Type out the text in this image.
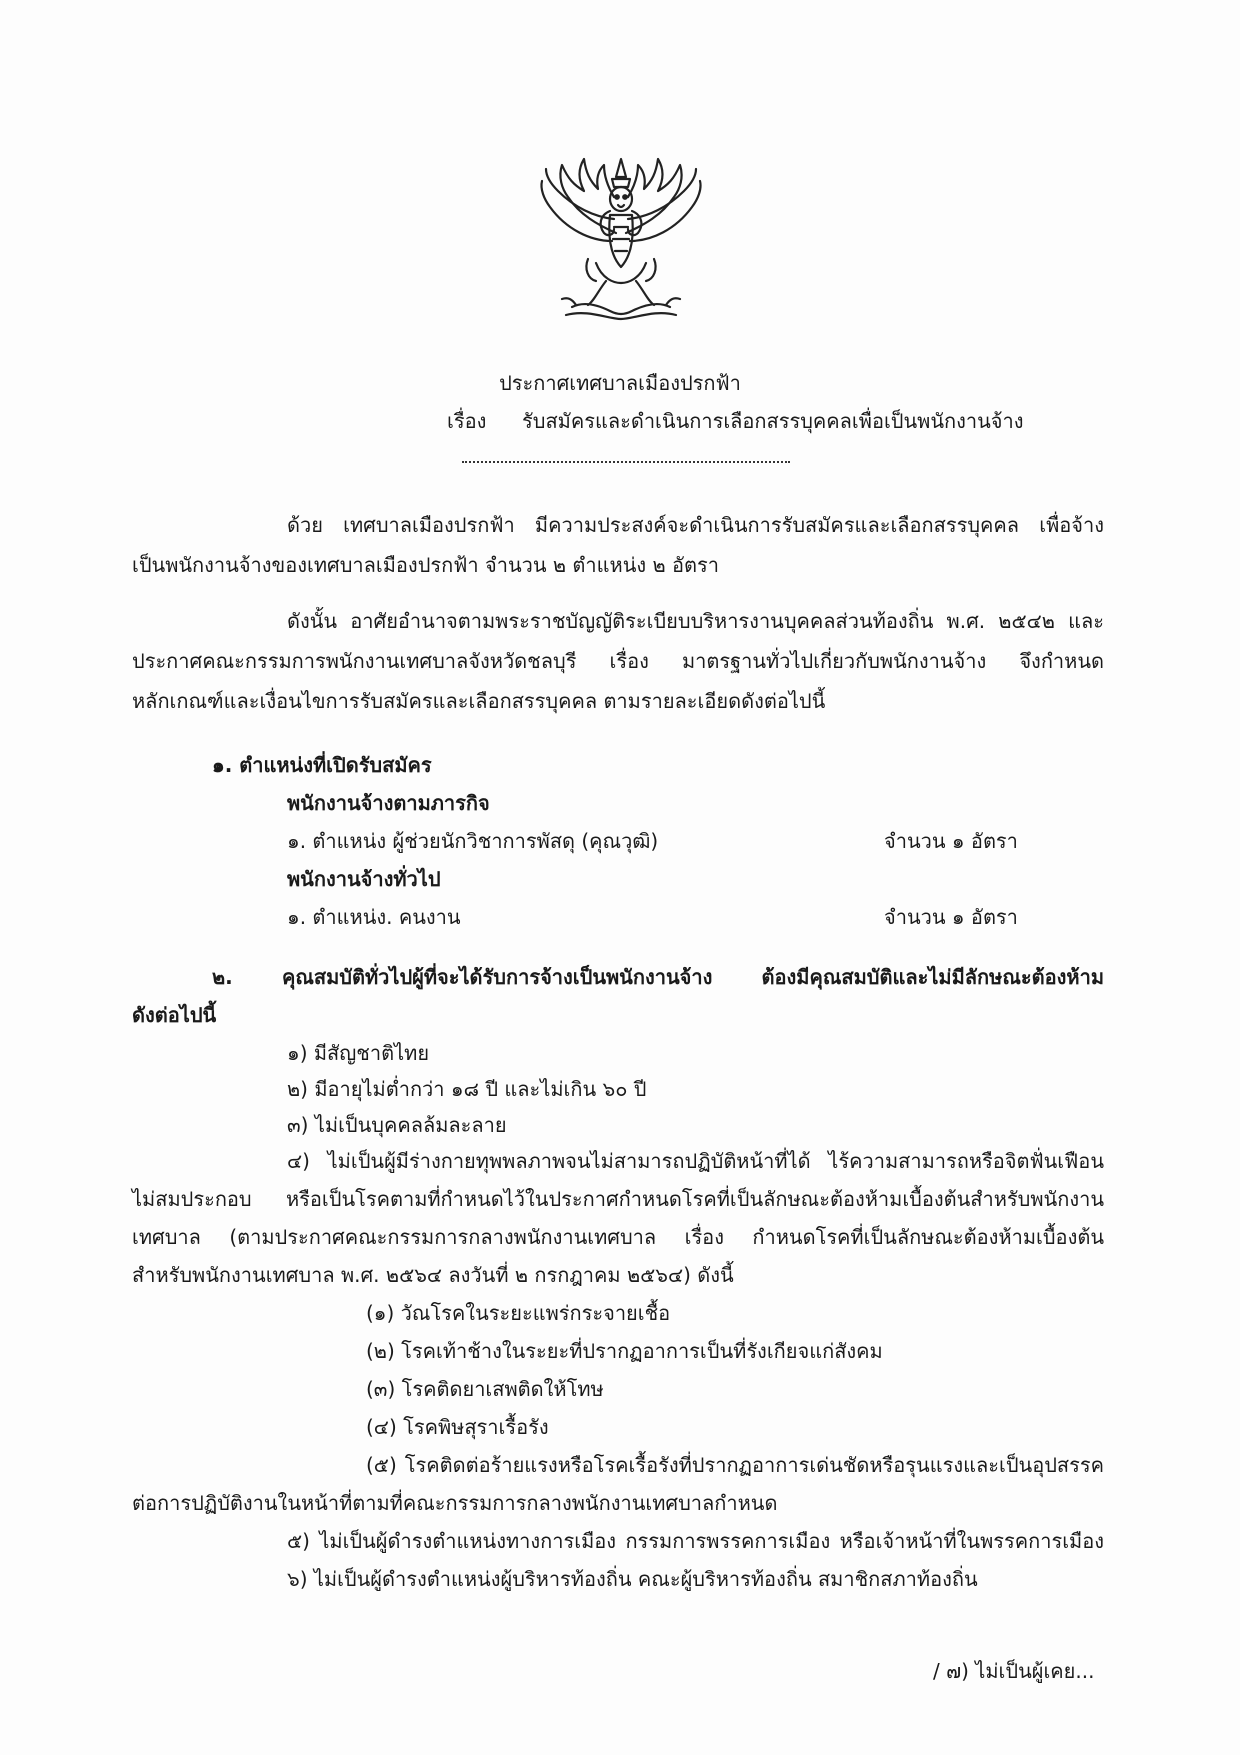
ประกาศเทศบาลเมืองปรกฟ้า
เรื่อง รับสมัครและดำเนินการเลือกสรรบุคคลเพื่อเป็นพนักงานจ้าง
ด้วย เทศบาลเมืองปรกฟ้า มีความประสงค์จะดำเนินการรับสมัครและเลือกสรรบุคคล เพื่อจ้าง
เป็นพนักงานจ้างของเทศบาลเมืองปรกฟ้า จำนวน ๒ ตำแหน่ง ๒ อัตรา
ดังนั้น อาศัยอำนาจตามพระราชบัญญัติระเบียบบริหารงานบุคคลส่วนท้องถิ่น พ.ศ. ๒๕๔๒ และ
ประกาศคณะกรรมการพนักงานเทศบาลจังหวัดชลบุรี เรื่อง มาตรฐานทั่วไปเกี่ยวกับพนักงานจ้าง จึงกำหนด
หลักเกณฑ์และเงื่อนไขการรับสมัครและเลือกสรรบุคคล ตามรายละเอียดดังต่อไปนี้
๑. ตำแหน่งที่เปิดรับสมัคร
พนักงานจ้างตามภารกิจ
๑. ตำแหน่ง ผู้ช่วยนักวิชาการพัสดุ (คุณวุฒิ)	จำนวน ๑ อัตรา
พนักงานจ้างทั่วไป
๑. ตำแหน่ง. คนงาน	จำนวน ๑ อัตรา
๒. คุณสมบัติทั่วไปผู้ที่จะได้รับการจ้างเป็นพนักงานจ้าง ต้องมีคุณสมบัติและไม่มีลักษณะต้องห้าม
ดังต่อไปนี้
๑) มีสัญชาติไทย
๒) มีอายุไม่ต่ำกว่า ๑๘ ปี และไม่เกิน ๖๐ ปี
๓) ไม่เป็นบุคคลล้มละลาย
๔) ไม่เป็นผู้มีร่างกายทุพพลภาพจนไม่สามารถปฏิบัติหน้าที่ได้ ไร้ความสามารถหรือจิตฟั่นเฟือน
ไม่สมประกอบ หรือเป็นโรคตามที่กำหนดไว้ในประกาศกำหนดโรคที่เป็นลักษณะต้องห้ามเบื้องต้นสำหรับพนักงาน
เทศบาล (ตามประกาศคณะกรรมการกลางพนักงานเทศบาล เรื่อง กำหนดโรคที่เป็นลักษณะต้องห้ามเบื้องต้น
สำหรับพนักงานเทศบาล พ.ศ. ๒๕๖๔ ลงวันที่ ๒ กรกฎาคม ๒๕๖๔) ดังนี้
(๑) วัณโรคในระยะแพร่กระจายเชื้อ
(๒) โรคเท้าช้างในระยะที่ปรากฏอาการเป็นที่รังเกียจแก่สังคม
(๓) โรคติดยาเสพติดให้โทษ
(๔) โรคพิษสุราเรื้อรัง
(๕) โรคติดต่อร้ายแรงหรือโรคเรื้อรังที่ปรากฏอาการเด่นชัดหรือรุนแรงและเป็นอุปสรรค
ต่อการปฏิบัติงานในหน้าที่ตามที่คณะกรรมการกลางพนักงานเทศบาลกำหนด
๕) ไม่เป็นผู้ดำรงตำแหน่งทางการเมือง กรรมการพรรคการเมือง หรือเจ้าหน้าที่ในพรรคการเมือง
๖) ไม่เป็นผู้ดำรงตำแหน่งผู้บริหารท้องถิ่น คณะผู้บริหารท้องถิ่น สมาชิกสภาท้องถิ่น
/ ๗) ไม่เป็นผู้เคย...
